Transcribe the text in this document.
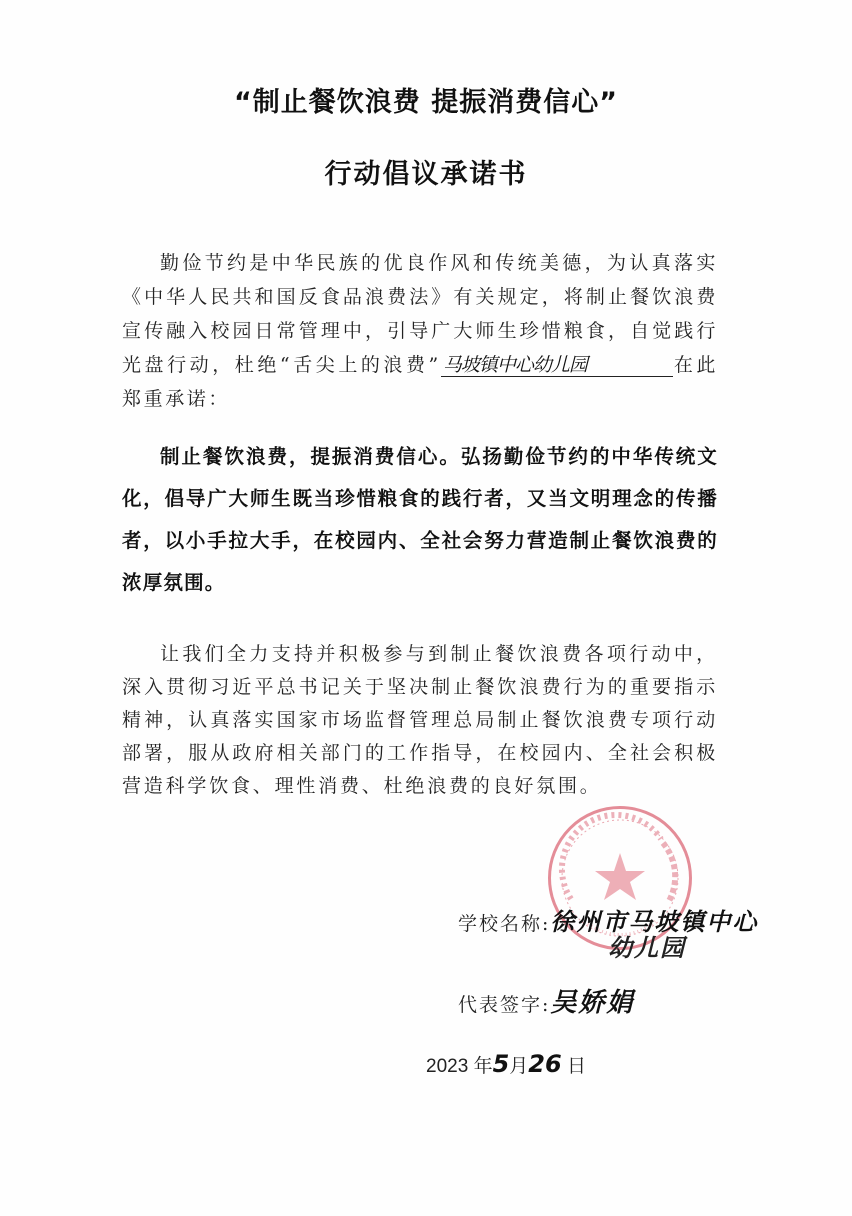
“制止餐饮浪费 提振消费信心”
行动倡议承诺书
勤俭节约是中华民族的优良作风和传统美德，为认真落实《中华人民共和国反食品浪费法》有关规定，将制止餐饮浪费宣传融入校园日常管理中，引导广大师生珍惜粮食，自觉践行光盘行动，杜绝“舌尖上的浪费” 马坡镇中心幼儿园	在此郑重承诺：
制止餐饮浪费，提振消费信心。弘扬勤俭节约的中华传统文化，倡导广大师生既当珍惜粮食的践行者，又当文明理念的传播者，以小手拉大手，在校园内、全社会努力营造制止餐饮浪费的浓厚氛围。
让我们全力支持并积极参与到制止餐饮浪费各项行动中，深入贯彻习近平总书记关于坚决制止餐饮浪费行为的重要指示精神，认真落实国家市场监督管理总局制止餐饮浪费专项行动部署，服从政府相关部门的工作指导，在校园内、全社会积极营造科学饮食、理性消费、杜绝浪费的良好氛围。
学校名称:徐州市马坡镇中心
幼儿园
代表签字:吴娇娟
2023 年5月26 日
